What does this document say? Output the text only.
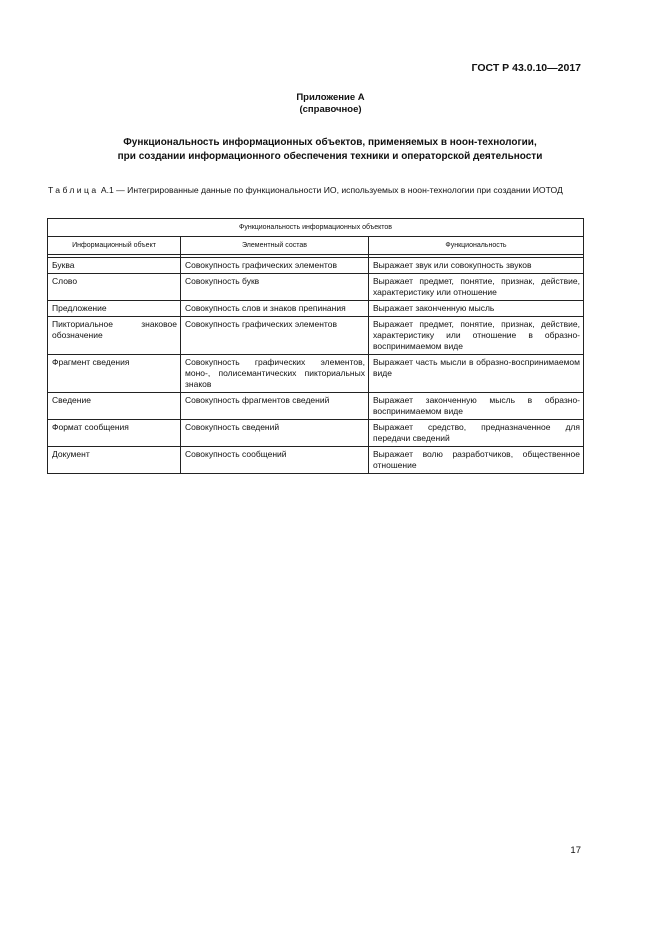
ГОСТ Р 43.0.10—2017
Приложение А
(справочное)
Функциональность информационных объектов, применяемых в ноон-технологии,
при создании информационного обеспечения техники и операторской деятельности
Таблица А.1 — Интегрированные данные по функциональности ИО, используемых в ноон-технологии при создании ИОТОД
Функциональность информационных объектов		
Информационный объект	Элементный состав	Функциональность

Буква	Совокупность графических элементов	Выражает звук или совокупность звуков
Слово	Совокупность букв	Выражает предмет, понятие, признак, действие, характеристику или отношение
Предложение	Совокупность слов и знаков препинания	Выражает законченную мысль
Пикториальное знаковое обозначение	Совокупность графических элементов	Выражает предмет, понятие, признак, действие, характеристику или отношение в образно-воспринимаемом виде
Фрагмент сведения	Совокупность графических элементов, моно-, полисемантических пикториальных знаков	Выражает часть мысли в образно-воспринимаемом виде
Сведение	Совокупность фрагментов сведений	Выражает законченную мысль в образно-воспринимаемом виде
Формат сообщения	Совокупность сведений	Выражает средство, предназначенное для передачи сведений
Документ	Совокупность сообщений	Выражает волю разработчиков, общественное отношение
17
